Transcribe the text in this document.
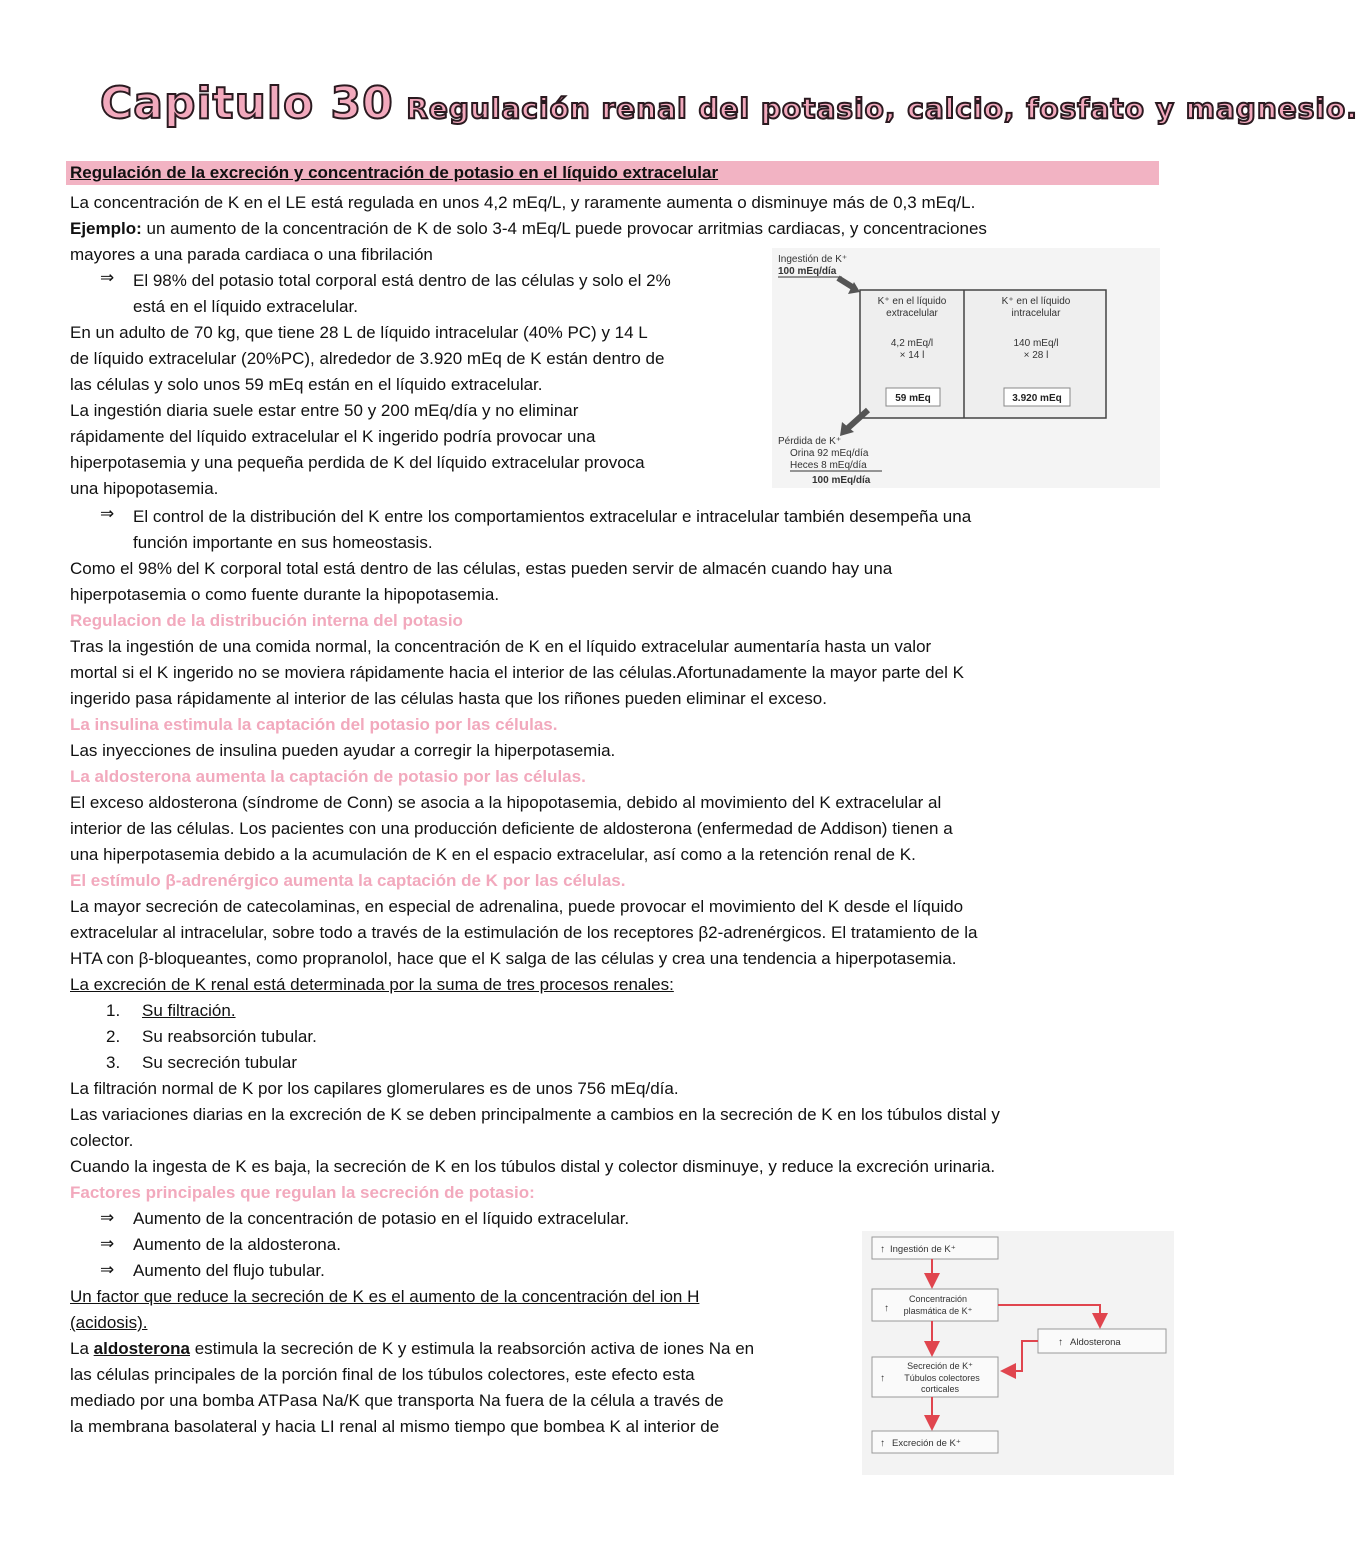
Capitulo 30 Regulación renal del potasio, calcio, fosfato y magnesio.
Regulación de la excreción y concentración de potasio en el líquido extracelular
La concentración de K en el LE está regulada en unos 4,2 mEq/L, y raramente aumenta o disminuye más de 0,3 mEq/L.
Ejemplo: un aumento de la concentración de K de solo 3-4 mEq/L puede provocar arritmias cardiacas, y concentraciones
mayores a una parada cardiaca o una fibrilación
⇒ El 98% del potasio total corporal está dentro de las células y solo el 2%
está en el líquido extracelular.
En un adulto de 70 kg, que tiene 28 L de líquido intracelular (40% PC) y 14 L
de líquido extracelular (20%PC), alrededor de 3.920 mEq de K están dentro de
las células y solo unos 59 mEq están en el líquido extracelular.
La ingestión diaria suele estar entre 50 y 200 mEq/día y no eliminar
rápidamente del líquido extracelular el K ingerido podría provocar una
hiperpotasemia y una pequeña perdida de K del líquido extracelular provoca
una hipopotasemia.
Ingestión de K⁺
100 mEq/día
K⁺ en el líquido
extracelular
4,2 mEq/l
× 14 l
59 mEq
K⁺ en el líquido
intracelular
140 mEq/l
× 28 l
3.920 mEq
Pérdida de K⁺
Orina 92 mEq/día
Heces 8 mEq/día
100 mEq/día
⇒ El control de la distribución del K entre los comportamientos extracelular e intracelular también desempeña una
función importante en sus homeostasis.
Como el 98% del K corporal total está dentro de las células, estas pueden servir de almacén cuando hay una
hiperpotasemia o como fuente durante la hipopotasemia.
Regulacion de la distribución interna del potasio
Tras la ingestión de una comida normal, la concentración de K en el líquido extracelular aumentaría hasta un valor
mortal si el K ingerido no se moviera rápidamente hacia el interior de las células.Afortunadamente la mayor parte del K
ingerido pasa rápidamente al interior de las células hasta que los riñones pueden eliminar el exceso.
La insulina estimula la captación del potasio por las células.
Las inyecciones de insulina pueden ayudar a corregir la hiperpotasemia.
La aldosterona aumenta la captación de potasio por las células.
El exceso aldosterona (síndrome de Conn) se asocia a la hipopotasemia, debido al movimiento del K extracelular al
interior de las células. Los pacientes con una producción deficiente de aldosterona (enfermedad de Addison) tienen a
una hiperpotasemia debido a la acumulación de K en el espacio extracelular, así como a la retención renal de K.
El estímulo β-adrenérgico aumenta la captación de K por las células.
La mayor secreción de catecolaminas, en especial de adrenalina, puede provocar el movimiento del K desde el líquido
extracelular al intracelular, sobre todo a través de la estimulación de los receptores β2-adrenérgicos. El tratamiento de la
HTA con β-bloqueantes, como propranolol, hace que el K salga de las células y crea una tendencia a hiperpotasemia.
La excreción de K renal está determinada por la suma de tres procesos renales:
1. Su filtración.
2. Su reabsorción tubular.
3. Su secreción tubular
La filtración normal de K por los capilares glomerulares es de unos 756 mEq/día.
Las variaciones diarias en la excreción de K se deben principalmente a cambios en la secreción de K en los túbulos distal y
colector.
Cuando la ingesta de K es baja, la secreción de K en los túbulos distal y colector disminuye, y reduce la excreción urinaria.
Factores principales que regulan la secreción de potasio:
⇒ Aumento de la concentración de potasio en el líquido extracelular.
⇒ Aumento de la aldosterona.
⇒ Aumento del flujo tubular.
Un factor que reduce la secreción de K es el aumento de la concentración del ion H
(acidosis).
La aldosterona estimula la secreción de K y estimula la reabsorción activa de iones Na en
las células principales de la porción final de los túbulos colectores, este efecto esta
mediado por una bomba ATPasa Na/K que transporta Na fuera de la célula a través de
la membrana basolateral y hacia LI renal al mismo tiempo que bombea K al interior de
↑ Ingestión de K⁺
↑
Concentración
plasmática de K⁺
↑ Aldosterona
Secreción de K⁺
↑ Túbulos colectores
corticales
↑ Excreción de K⁺
